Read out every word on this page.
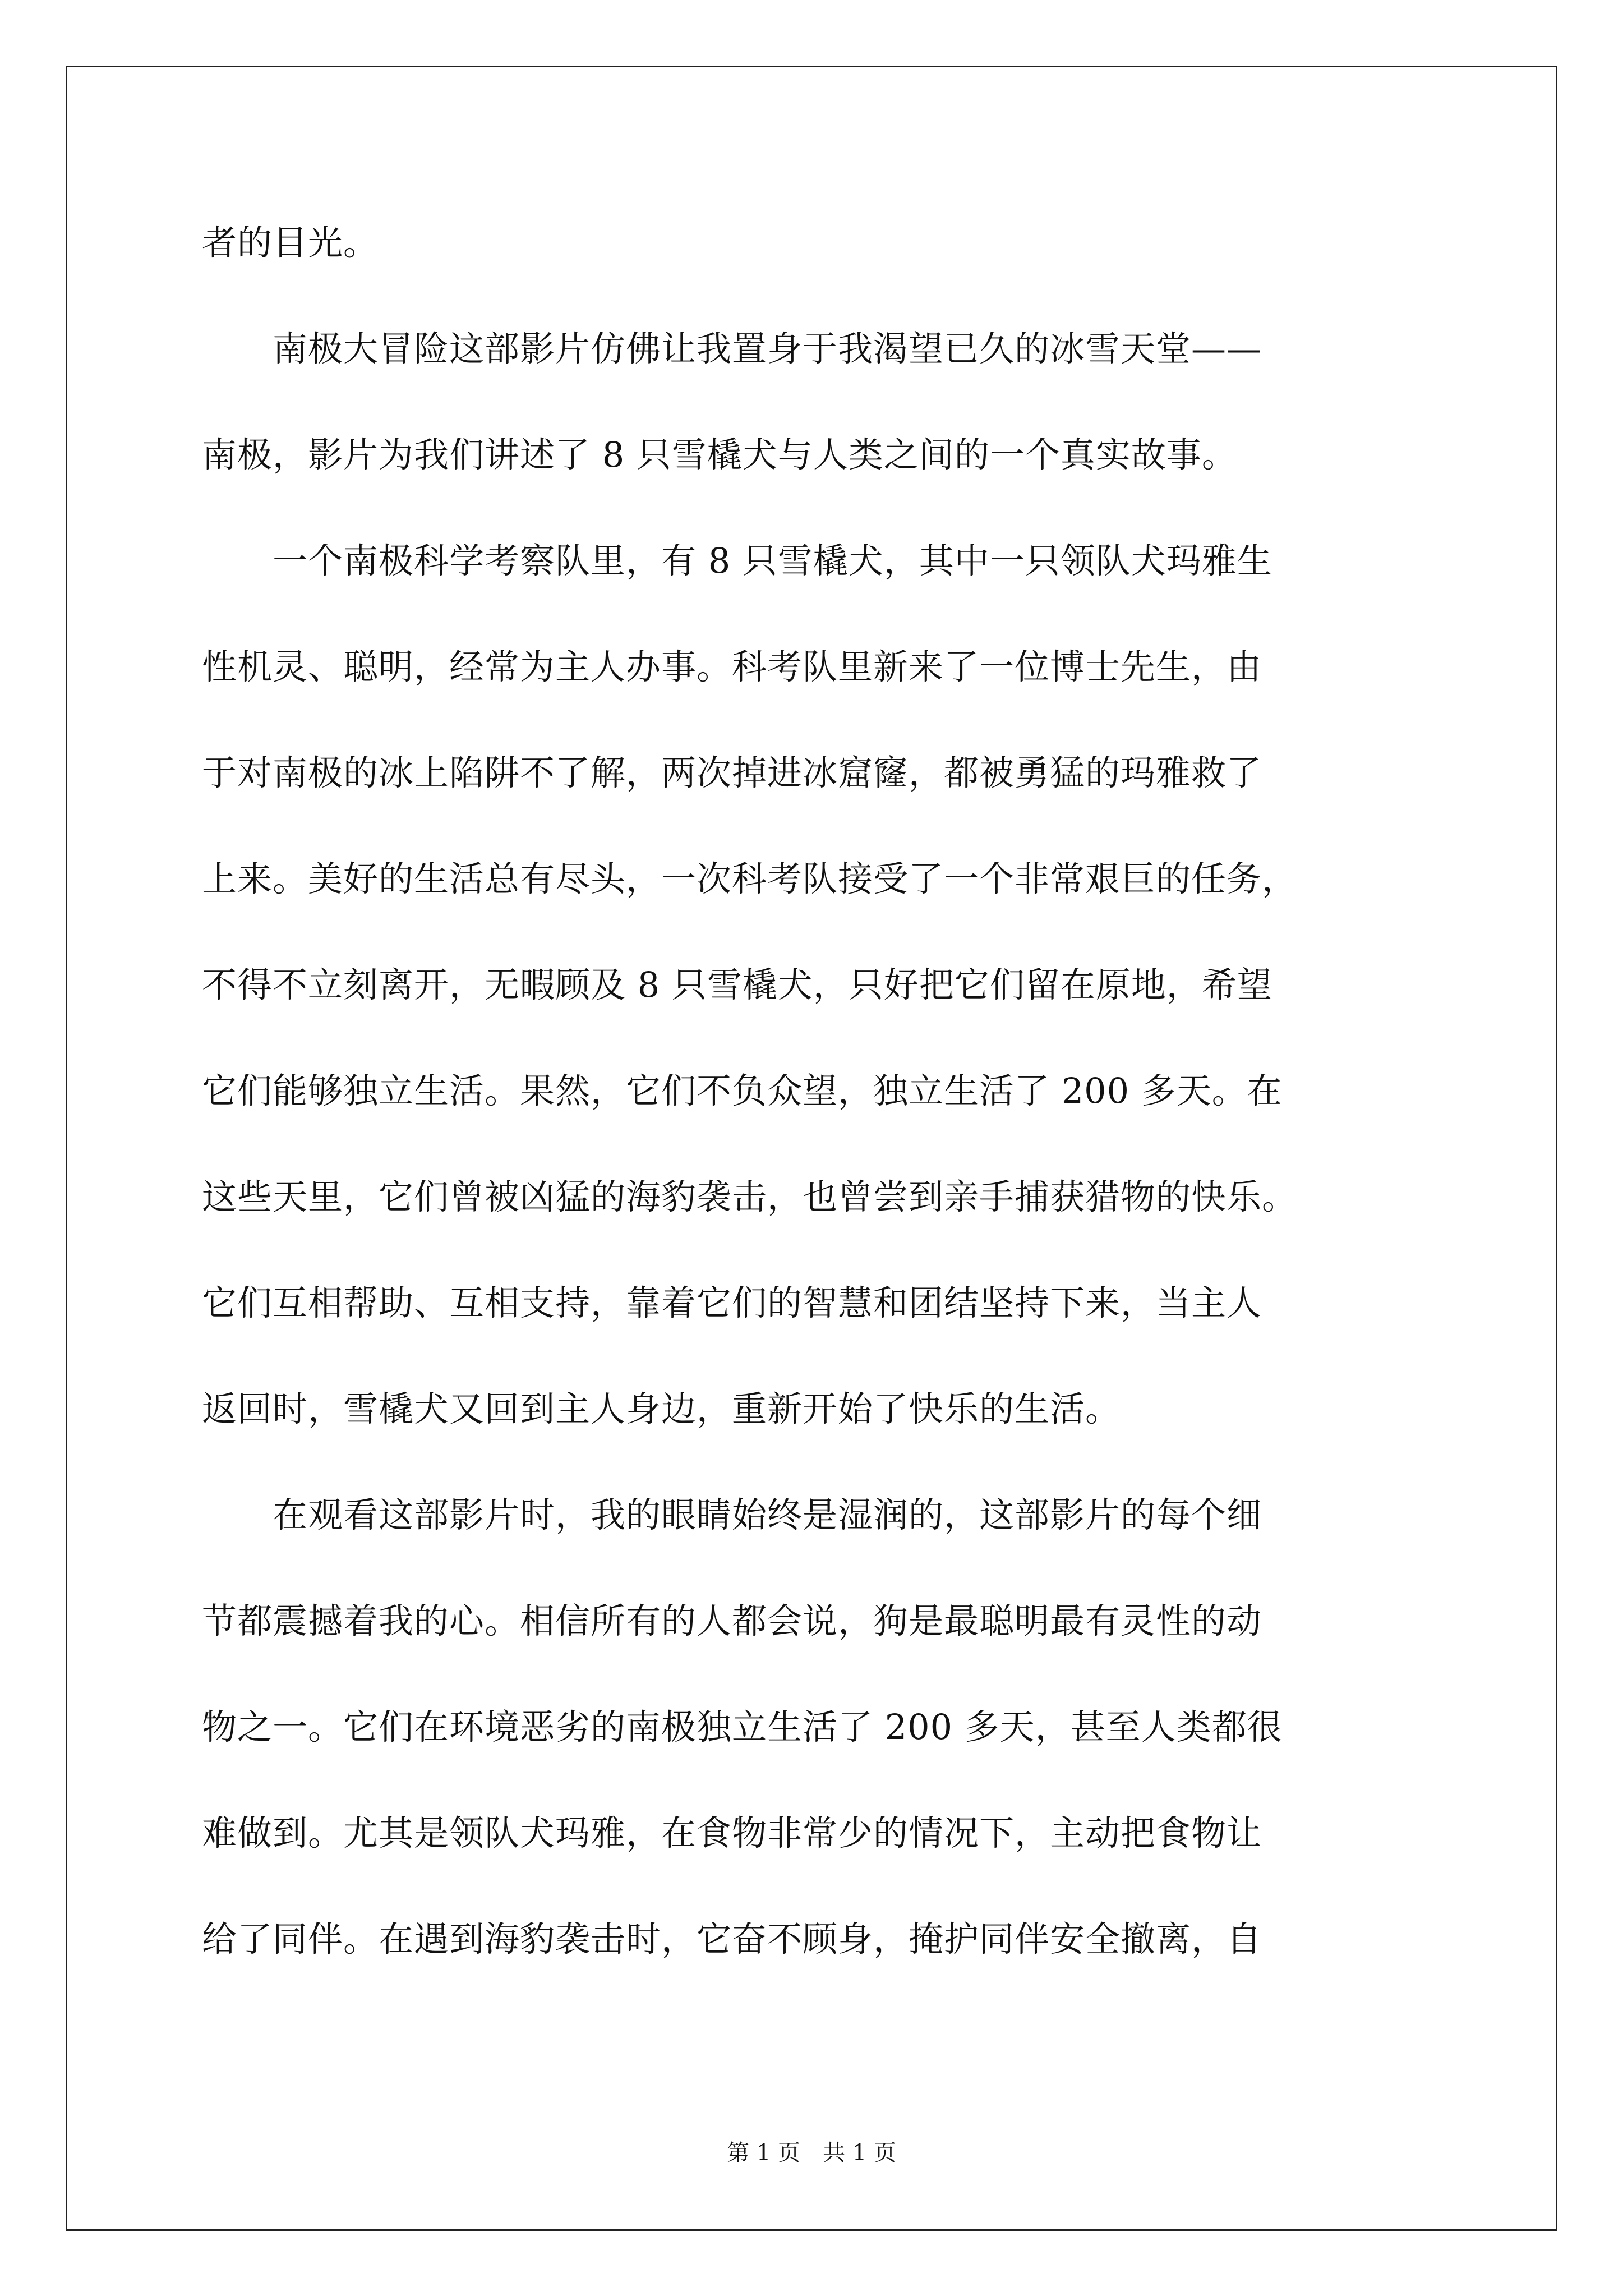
者的目光。
　　南极大冒险这部影片仿佛让我置身于我渴望已久的冰雪天堂——
南极，影片为我们讲述了 8 只雪橇犬与人类之间的一个真实故事。
　　一个南极科学考察队里，有 8 只雪橇犬，其中一只领队犬玛雅生
性机灵、聪明，经常为主人办事。科考队里新来了一位博士先生，由
于对南极的冰上陷阱不了解，两次掉进冰窟窿，都被勇猛的玛雅救了
上来。美好的生活总有尽头，一次科考队接受了一个非常艰巨的任务，
不得不立刻离开，无暇顾及 8 只雪橇犬，只好把它们留在原地，希望
它们能够独立生活。果然，它们不负众望，独立生活了 200 多天。在
这些天里，它们曾被凶猛的海豹袭击，也曾尝到亲手捕获猎物的快乐。
它们互相帮助、互相支持，靠着它们的智慧和团结坚持下来，当主人
返回时，雪橇犬又回到主人身边，重新开始了快乐的生活。
　　在观看这部影片时，我的眼睛始终是湿润的，这部影片的每个细
节都震撼着我的心。相信所有的人都会说，狗是最聪明最有灵性的动
物之一。它们在环境恶劣的南极独立生活了 200 多天，甚至人类都很
难做到。尤其是领队犬玛雅，在食物非常少的情况下，主动把食物让
给了同伴。在遇到海豹袭击时，它奋不顾身，掩护同伴安全撤离，自
第 1 页　共 1 页
